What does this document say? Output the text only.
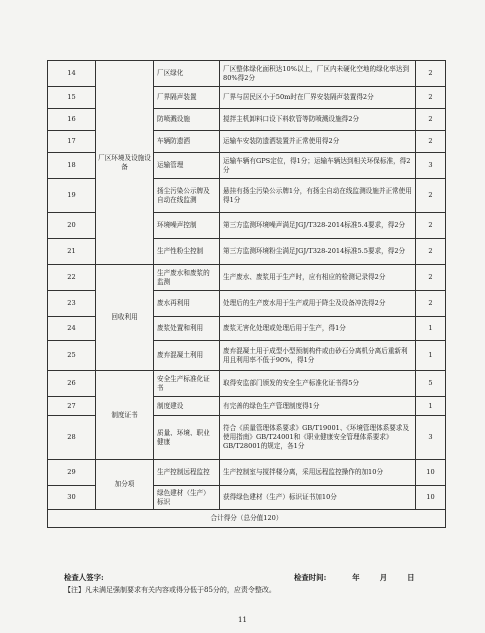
14	厂区环境及设施设备	厂区绿化	厂区整体绿化面积达10%以上，厂区内未硬化空地的绿化率达到80%得2分	2
15		厂界隔声装置	厂界与居民区小于50m时在厂界安装隔声装置得2分	2
16		防喷溅设施	搅拌主机卸料口设下料软管等防喷溅设施得2分	2
17		车辆防遗洒	运输车安装防遗洒装置并正常使用得2分	2
18		运输管理	运输车辆有GPS定位，得1分；运输车辆达到相关环保标准，得2分	3
19		扬尘污染公示牌及自动在线监测	悬挂有扬尘污染公示牌1分，有扬尘自动在线监测设施并正常使用得1分	2
20		环境噪声控制	第三方监测环境噪声满足JGJ/T328-2014标准5.4要求，得2分	2
21		生产性粉尘控制	第三方监测环境粉尘满足JGJ/T328-2014标准5.5要求，得2分	2
22	回收利用	生产废水和废浆的监测	生产废水、废浆用于生产时，应有相应的检测记录得2分	2
23		废水再利用	处理后的生产废水用于生产或用于降尘及设备冲洗得2分	2
24		废浆处置和利用	废浆无害化处理或处理后用于生产，得1分	1
25		废弃混凝土利用	废弃混凝土用于成型小型预制构件或由砂石分离机分离后重新利用且利用率不低于90%，得1分	1
26	制度证书	安全生产标准化证书	取得安监部门颁发的安全生产标准化证书得5分	5
27		制度建设	有完善的绿色生产管理制度得1分	1
28		质量、环境、职业健康	符合《质量管理体系要求》GB/T19001、《环境管理体系要求及使用指南》GB/T24001和《职业健康安全管理体系要求》GB/T28001的规定，各1分	3
29	加分项	生产控制远程监控	生产控制室与搅拌楼分离，采用远程监控操作的加10分	10
30		绿色建材（生产）标识	获得绿色建材（生产）标识证书加10分	10
合计得分（总分值120）				
检查人签字:	检查时间:	年	月	日
【注】凡未满足强制要求有关内容或得分低于85分的，应责令整改。
11
